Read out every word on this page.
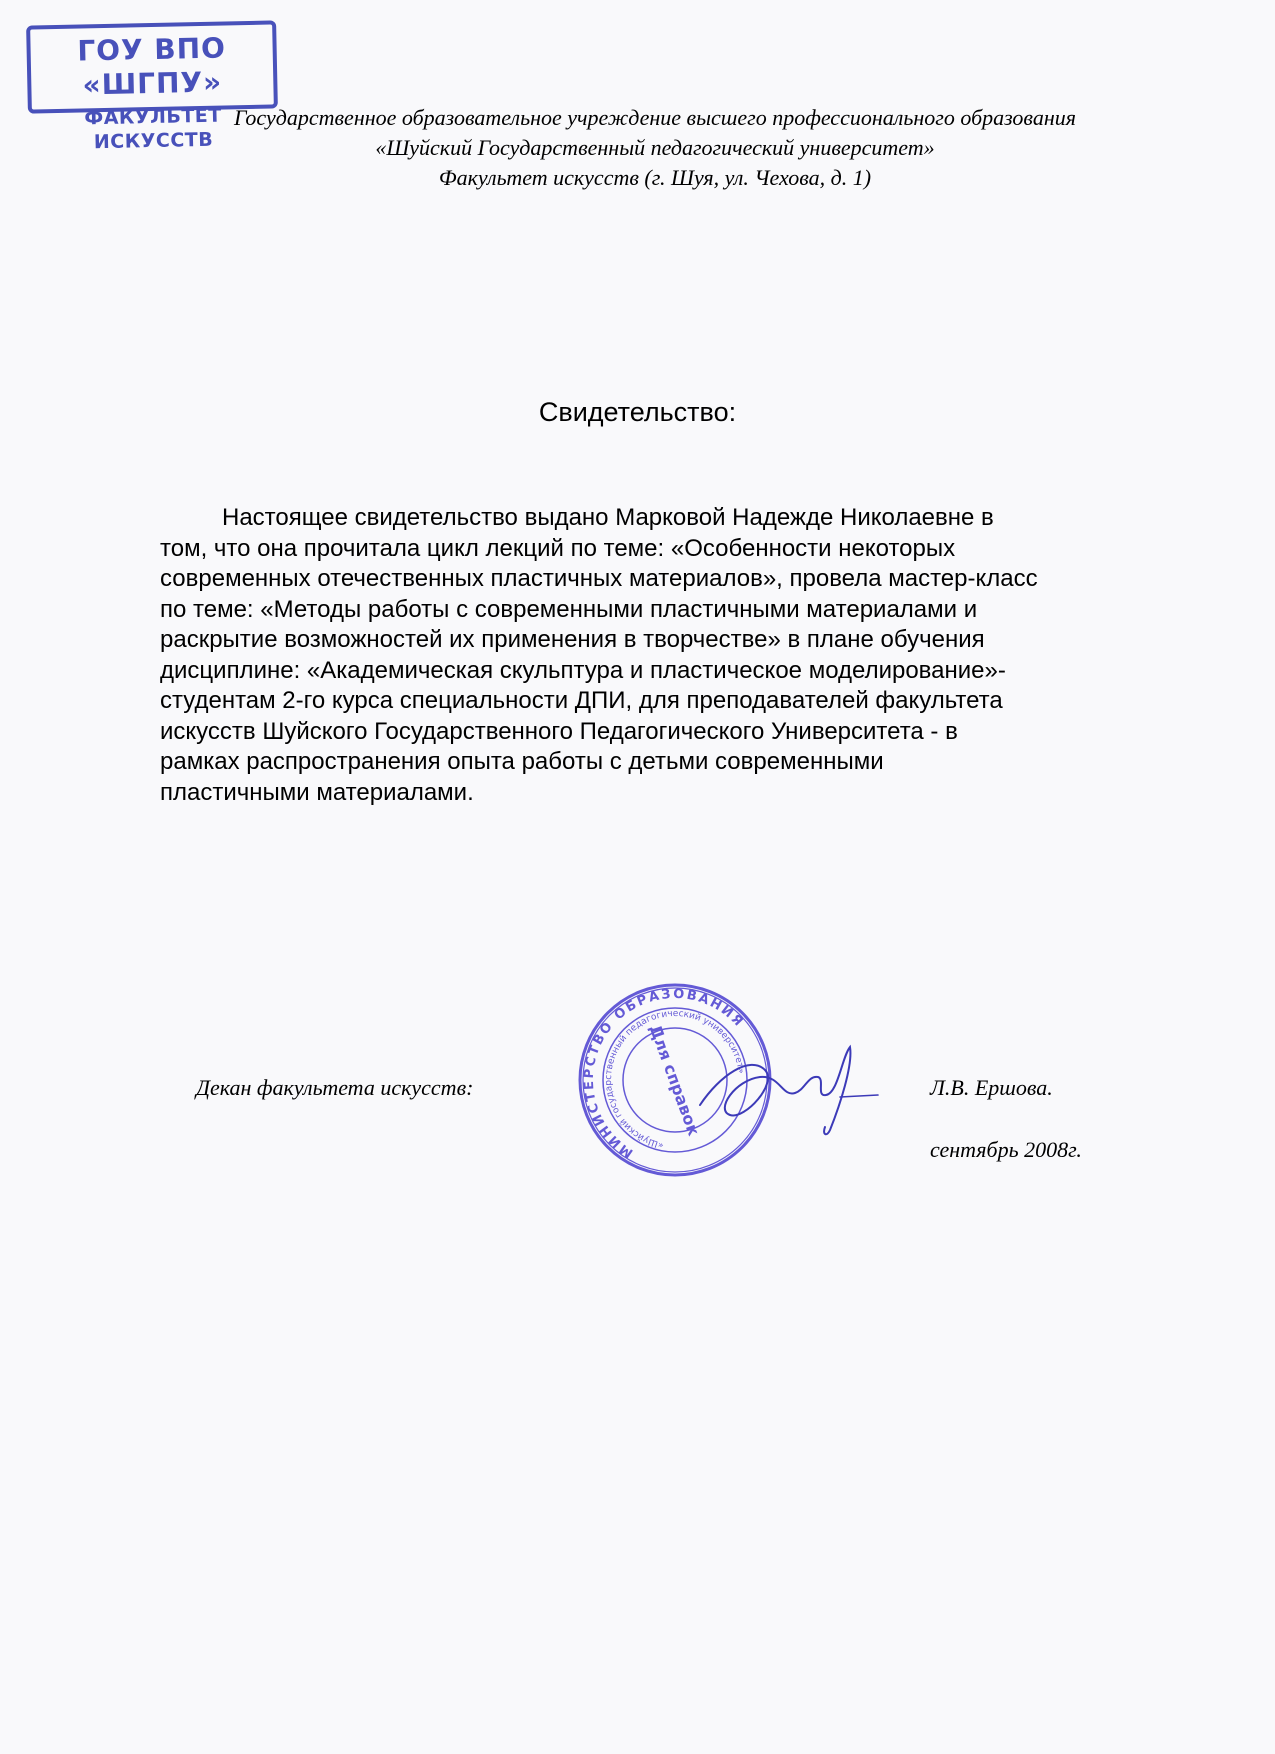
ГОУ ВПО «ШГПУ»
ФАКУЛЬТЕТ ИСКУССТВ
Государственное образовательное учреждение высшего профессионального образования
«Шуйский Государственный педагогический университет»
Факультет искусств (г. Шуя, ул. Чехова, д. 1)
Свидетельство:
Настоящее свидетельство выдано Марковой Надежде Николаевне в
том, что она прочитала цикл лекций по теме: «Особенности некоторых
современных отечественных пластичных материалов», провела мастер-класс
по теме: «Методы работы с современными пластичными материалами и
раскрытие возможностей их применения в творчестве» в плане обучения
дисциплине: «Академическая скульптура и пластическое моделирование»-
студентам 2-го курса специальности ДПИ, для преподавателей факультета
искусств Шуйского Государственного Педагогического Университета - в
рамках распространения опыта работы с детьми современными
пластичными материалами.
Декан факультета искусств:	Л.В. Ершова.
сентябрь 2008г.
МИНИСТЕРСТВО ОБРАЗОВАНИЯ
«Шуйский государственный педагогический университет»
Для справок
